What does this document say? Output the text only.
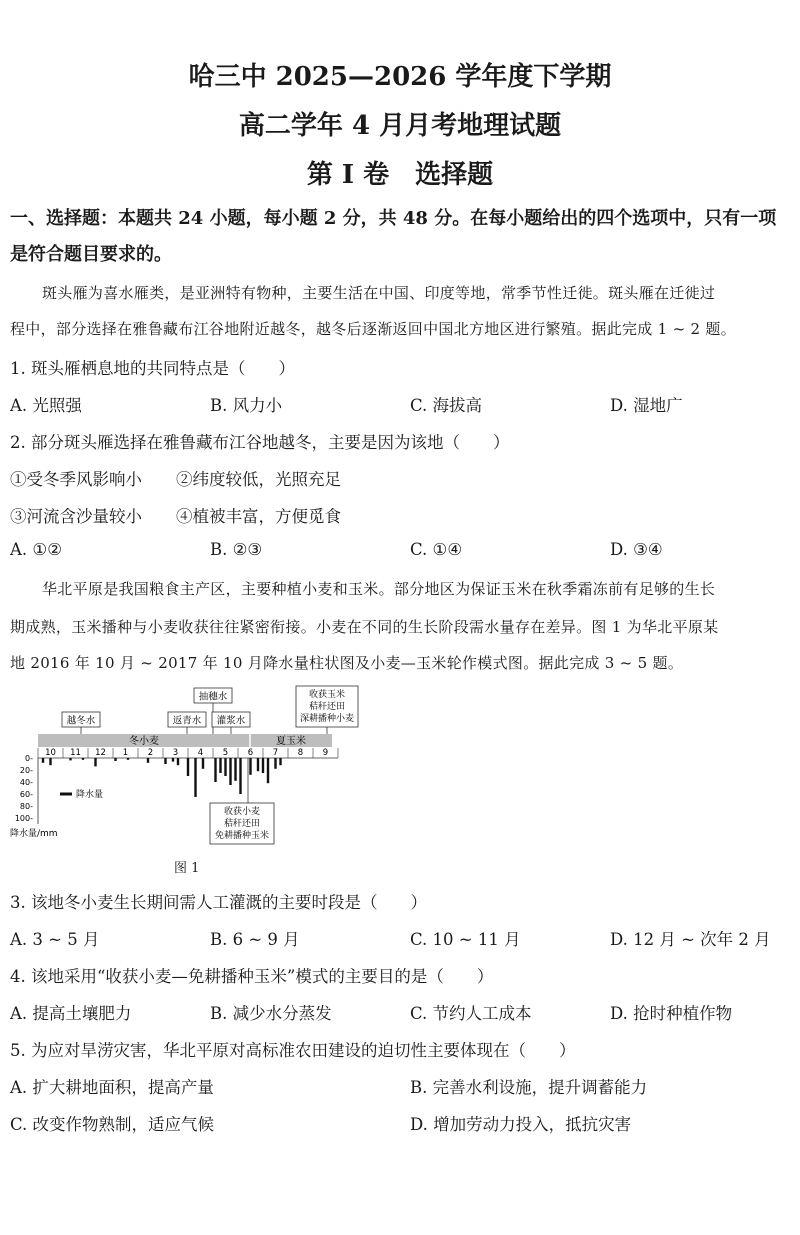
哈三中 2025—2026 学年度下学期
高二学年 4 月月考地理试题
第 I 卷　选择题
一、选择题：本题共 24 小题，每小题 2 分，共 48 分。在每小题给出的四个选项中，只有一项
是符合题目要求的。
斑头雁为喜水雁类，是亚洲特有物种，主要生活在中国、印度等地，常季节性迁徙。斑头雁在迁徙过
程中，部分选择在雅鲁藏布江谷地附近越冬，越冬后逐渐返回中国北方地区进行繁殖。据此完成 1 ~ 2 题。
1. 斑头雁栖息地的共同特点是（　　）
A. 光照强	B. 风力小	C. 海拔高	D. 湿地广
2. 部分斑头雁选择在雅鲁藏布江谷地越冬，主要是因为该地（　　）
①受冬季风影响小 ②纬度较低，光照充足
③河流含沙量较小 ④植被丰富，方便觅食
A. ①②	B. ②③	C. ①④	D. ③④
华北平原是我国粮食主产区，主要种植小麦和玉米。部分地区为保证玉米在秋季霜冻前有足够的生长
期成熟，玉米播种与小麦收获往往紧密衔接。小麦在不同的生长阶段需水量存在差异。图 1 为华北平原某
地 2016 年 10 月 ~ 2017 年 10 月降水量柱状图及小麦—玉米轮作模式图。据此完成 3 ~ 5 题。
越冬水	返青水
抽穗水
灌浆水
收获玉米
秸秆还田
深耕播种小麦
冬小麦	夏玉米
10 11 12 1 2 3 4 5 6 7 8 9
0-
20-
40-
60-
80-
100-
降水量
降水量/mm
收获小麦
秸秆还田
免耕播种玉米
图 1
3. 该地冬小麦生长期间需人工灌溉的主要时段是（　　）
A. 3 ~ 5 月	B. 6 ~ 9 月	C. 10 ~ 11 月	D. 12 月 ~ 次年 2 月
4. 该地采用“收获小麦—免耕播种玉米”模式的主要目的是（　　）
A. 提高土壤肥力	B. 减少水分蒸发	C. 节约人工成本	D. 抢时种植作物
5. 为应对旱涝灾害，华北平原对高标准农田建设的迫切性主要体现在（　　）
A. 扩大耕地面积，提高产量	B. 完善水利设施，提升调蓄能力
C. 改变作物熟制，适应气候	D. 增加劳动力投入，抵抗灾害
